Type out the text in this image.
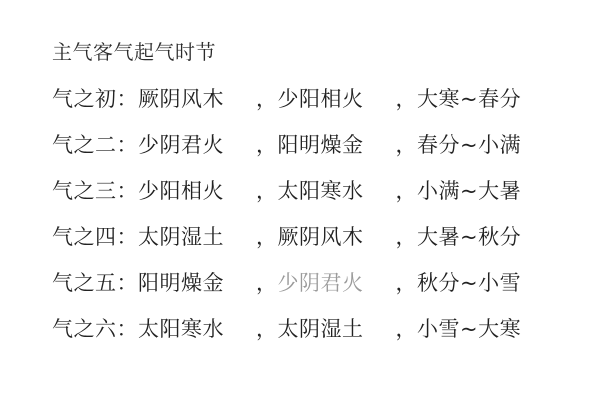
主气客气起气时节
气之初： 厥阴风木	， 少阳相火	， 大寒~春分
气之二： 少阴君火	， 阳明燥金	， 春分~小满
气之三： 少阳相火	， 太阳寒水	， 小满~大暑
气之四： 太阴湿土	， 厥阴风木	， 大暑~秋分
气之五： 阳明燥金	， 少阴君火	， 秋分~小雪
气之六： 太阳寒水	， 太阴湿土	， 小雪~大寒
